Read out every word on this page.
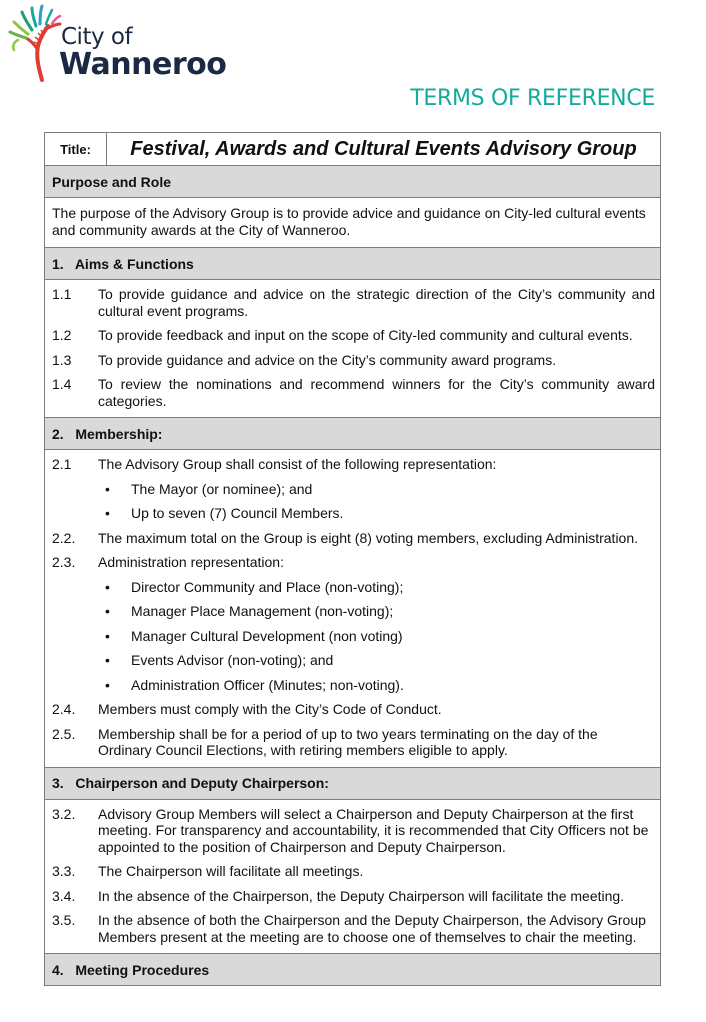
City of
Wanneroo
TERMS OF REFERENCE
Title:	Festival, Awards and Cultural Events Advisory Group
Purpose and Role
The purpose of the Advisory Group is to provide advice and guidance on City-led cultural events and community awards at the City of Wanneroo.
1.   Aims & Functions
1.1	To provide guidance and advice on the strategic direction of the City’s community and cultural event programs.
1.2	To provide feedback and input on the scope of City-led community and cultural events.
1.3	To provide guidance and advice on the City’s community award programs.
1.4	To review the nominations and recommend winners for the City’s community award categories.
2.   Membership:
2.1	The Advisory Group shall consist of the following representation:
•	The Mayor (or nominee); and
•	Up to seven (7) Council Members.
2.2.	The maximum total on the Group is eight (8) voting members, excluding Administration.
2.3.	Administration representation:
•	Director Community and Place (non-voting);
•	Manager Place Management (non-voting);
•	Manager Cultural Development (non voting)
•	Events Advisor (non-voting); and
•	Administration Officer (Minutes; non-voting).
2.4.	Members must comply with the City’s Code of Conduct.
2.5.	Membership shall be for a period of up to two years terminating on the day of the Ordinary Council Elections, with retiring members eligible to apply.
3.   Chairperson and Deputy Chairperson:
3.2.	Advisory Group Members will select a Chairperson and Deputy Chairperson at the first meeting. For transparency and accountability, it is recommended that City Officers not be appointed to the position of Chairperson and Deputy Chairperson.
3.3.	The Chairperson will facilitate all meetings.
3.4.	In the absence of the Chairperson, the Deputy Chairperson will facilitate the meeting.
3.5.	In the absence of both the Chairperson and the Deputy Chairperson, the Advisory Group Members present at the meeting are to choose one of themselves to chair the meeting.
4.   Meeting Procedures
